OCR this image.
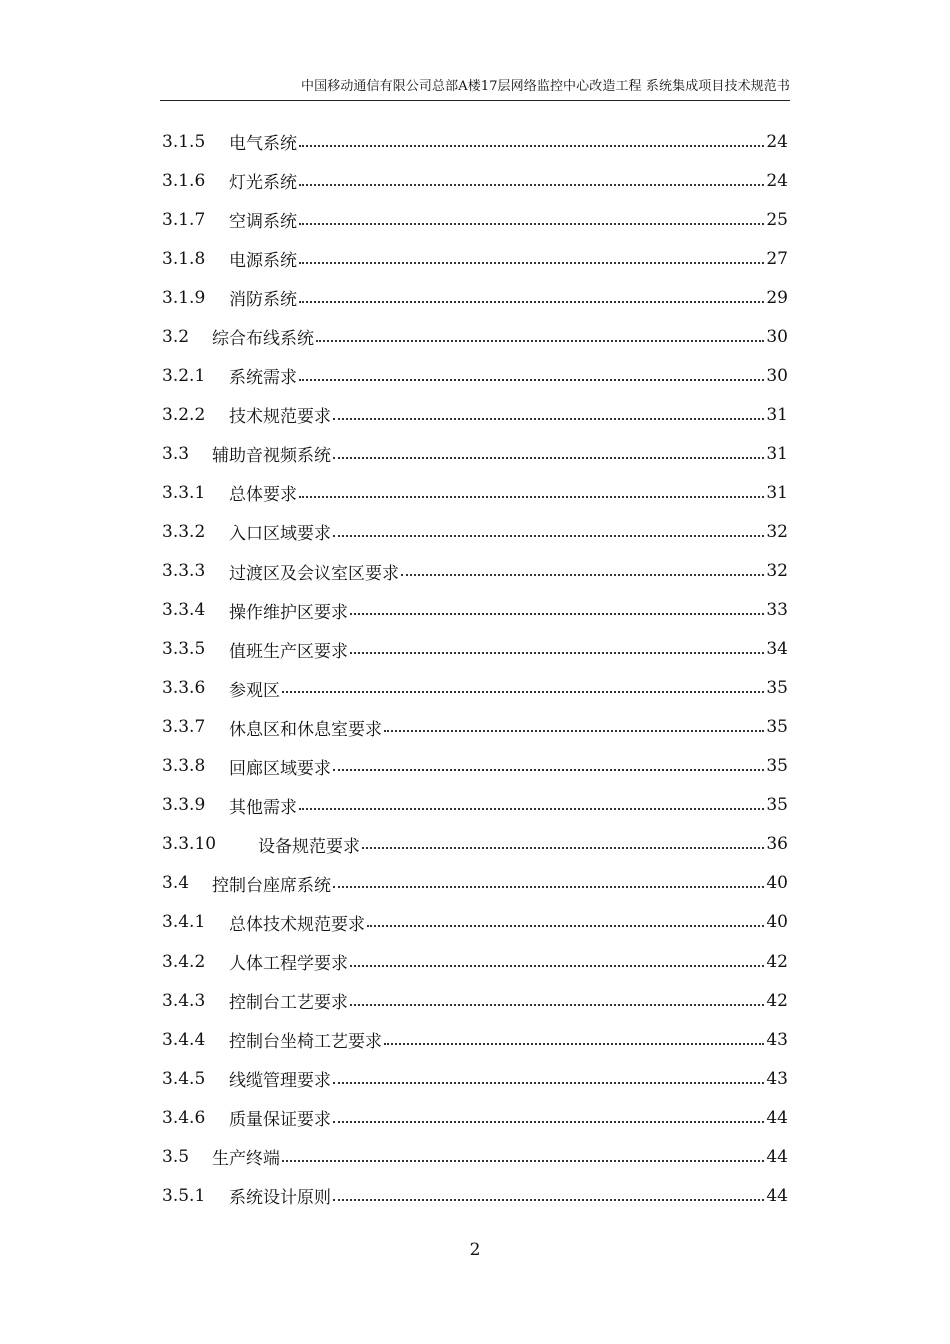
中国移动通信有限公司总部A楼17层网络监控中心改造工程 系统集成项目技术规范书
3.1.5	电气系统	24
3.1.6	灯光系统	24
3.1.7	空调系统	25
3.1.8	电源系统	27
3.1.9	消防系统	29
3.2	综合布线系统	30
3.2.1	系统需求	30
3.2.2	技术规范要求	31
3.3	辅助音视频系统	31
3.3.1	总体要求	31
3.3.2	入口区域要求	32
3.3.3	过渡区及会议室区要求	32
3.3.4	操作维护区要求	33
3.3.5	值班生产区要求	34
3.3.6	参观区	35
3.3.7	休息区和休息室要求	35
3.3.8	回廊区域要求	35
3.3.9	其他需求	35
3.3.10	设备规范要求	36
3.4	控制台座席系统	40
3.4.1	总体技术规范要求	40
3.4.2	人体工程学要求	42
3.4.3	控制台工艺要求	42
3.4.4	控制台坐椅工艺要求	43
3.4.5	线缆管理要求	43
3.4.6	质量保证要求	44
3.5	生产终端	44
3.5.1	系统设计原则	44
2
